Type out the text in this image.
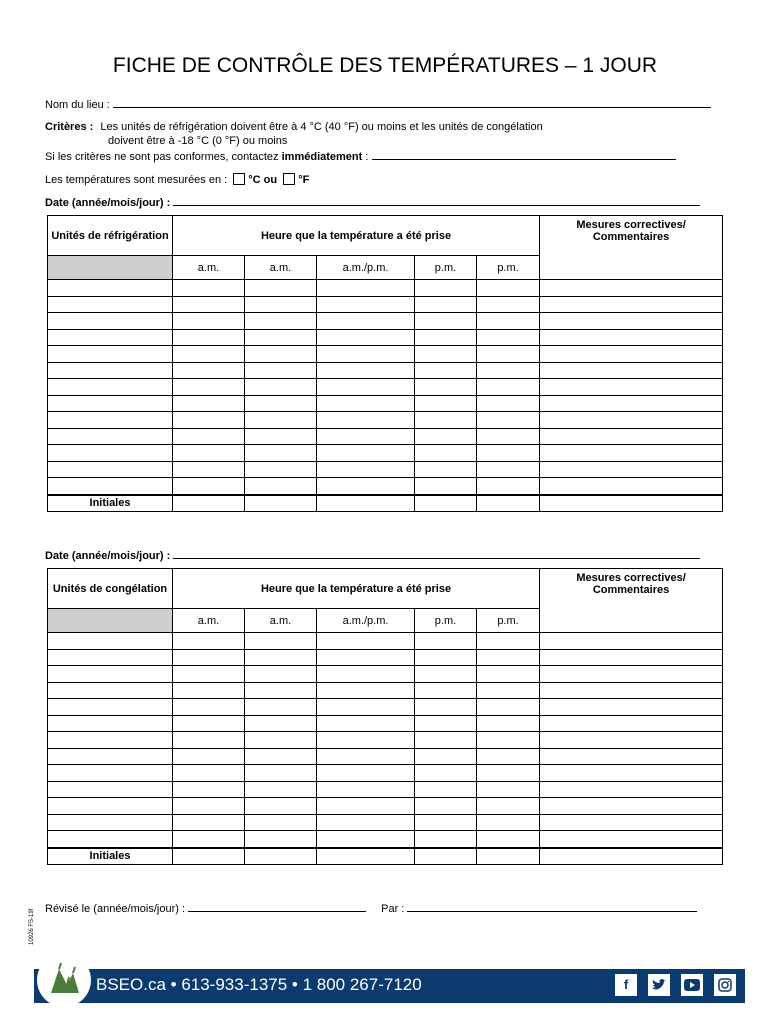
FICHE DE CONTRÔLE DES TEMPÉRATURES – 1 JOUR
Nom du lieu :
Critères : Les unités de réfrigération doivent être à 4 °C (40 °F) ou moins et les unités de congélation
doivent être à -18 °C (0 °F) ou moins
Si les critères ne sont pas conformes, contactez immédiatement :
Les températures sont mesurées en : °C ou °F
Date (année/mois/jour) :
Unités de réfrigération	Heure que la température a été prise					Mesures correctives/ Commentaires
	a.m.	a.m.	a.m./p.m.	p.m.	p.m.	

Initiales						
Date (année/mois/jour) :
Unités de congélation	Heure que la température a été prise					Mesures correctives/ Commentaires
	a.m.	a.m.	a.m./p.m.	p.m.	p.m.	

Initiales						
Révisé le (année/mois/jour) :	Par :
10926 FS-19f
BSEO.ca • 613-933-1375 • 1 800 267-7120	f
